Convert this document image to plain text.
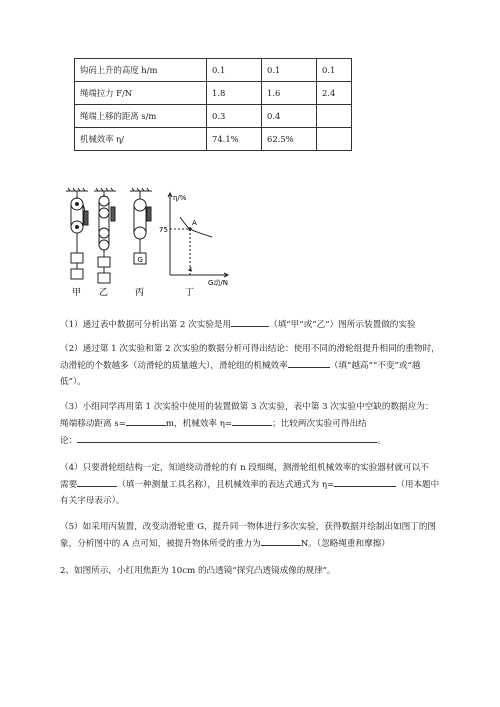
钩码上升的高度 h/m	0.1	0.1	0.1
绳端拉力 F/N	1.8	1.6	2.4
绳端上移的距离 s/m	0.3	0.4	
机械效率 η/	74.1%	62.5%	
G
甲 乙	丙	丁
η/%
75
A
4
G动/N
（1）通过表中数据可分析出第 2 次实验是用	（填“甲”或“乙”）图所示装置做的实验
（2）通过第 1 次实验和第 2 次实验的数据分析可得出结论：使用不同的滑轮组提升相同的重物时，
动滑轮的个数越多（动滑轮的质量越大），滑轮组的机械效率	（填“越高”“不变”或“越
低”）。
（3）小组同学再用第 1 次实验中使用的装置做第 3 次实验，表中第 3 次实验中空缺的数据应为：
绳端移动距离 s=	m，机械效率 η=	；比较两次实验可得出结
论：	。
（4）只要滑轮组结构一定，知道绕动滑轮的有 n 段细绳，测滑轮组机械效率的实验器材就可以不
需要	（填一种测量工具名称），且机械效率的表达式通式为 η=	（用本题中
有关字母表示）。
（5）如采用丙装置，改变动滑轮重 G，提升同一物体进行多次实验，获得数据并绘制出如图丁的图
象，分析图中的 A 点可知，被提升物体所受的重力为	N。（忽略绳重和摩擦）
2、如图所示，小红用焦距为 10cm 的凸透镜“探究凸透镜成像的规律”。
